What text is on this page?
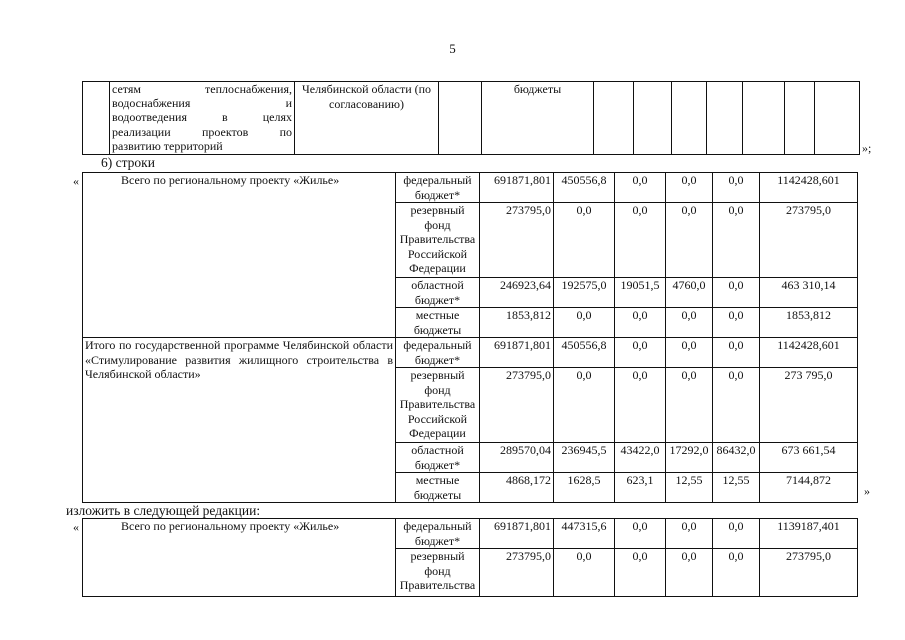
5

сетям теплоснабжения,
водоснабжения и
водоотведения в целях
реализации проектов по
развитию территорий
	Челябинской области (по согласованию)		бюджеты							
»;
6) строки
«	Всего по региональному проекту «Жилье»	федеральный бюджет*	691871,801	450556,8	0,0	0,0	0,0	1142428,601
	резервный фонд Правительства Российской Федерации	273795,0	0,0	0,0	0,0	0,0	273795,0
	областной бюджет*	246923,64	192575,0	19051,5	4760,0	0,0	463 310,14
	местные бюджеты	1853,812	0,0	0,0	0,0	0,0	1853,812
Итого по государственной программе Челябинской области «Стимулирование развития жилищного строительства в Челябинской области»	федеральный бюджет*	691871,801	450556,8	0,0	0,0	0,0	1142428,601
	резервный фонд Правительства Российской Федерации	273795,0	0,0	0,0	0,0	0,0	273 795,0
	областной бюджет*	289570,04	236945,5	43422,0	17292,0	86432,0	673 661,54
	местные бюджеты	4868,172	1628,5	623,1	12,55	12,55	7144,872
»
изложить в следующей редакции:
«	Всего по региональному проекту «Жилье»	федеральный бюджет*	691871,801	447315,6	0,0	0,0	0,0	1139187,401
	резервный фонд Правительства	273795,0	0,0	0,0	0,0	0,0	273795,0
